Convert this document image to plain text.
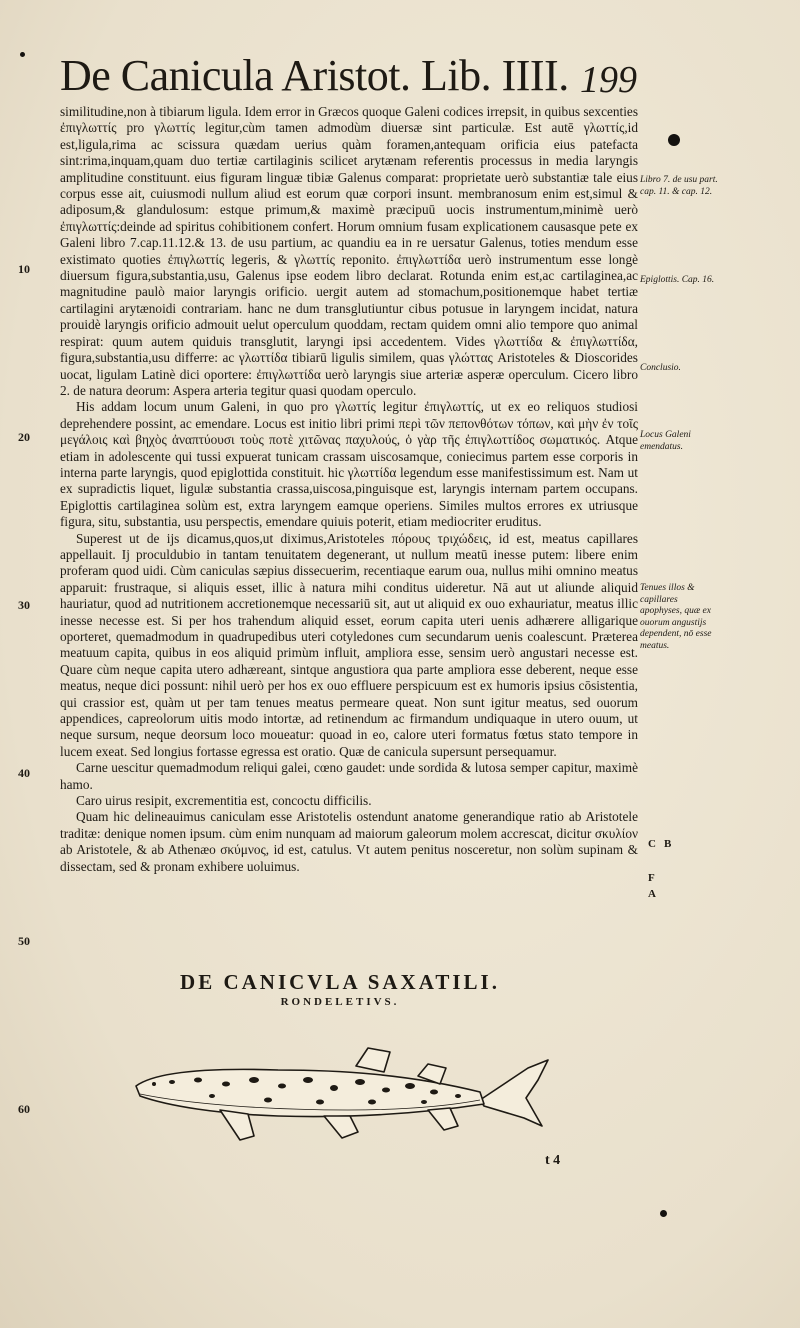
De Canicula Aristot. Lib. IIII. 199
10
20
30
40
50
60

similitudine,non à tibiarum ligula. Idem error in Græcos quoque Galeni codices irrepsit, in quibus sexcenties ἐπιγλωττίς pro γλωττίς legitur,cùm tamen admodùm diuersæ sint particulæ. Est autē γλωττίς,id est,ligula,rima ac scissura quædam uerius quàm foramen,antequam orificia eius patefacta sint:rima,inquam,quam duo tertiæ cartilaginis scilicet arytænam referentis processus in media laryngis amplitudine constituunt. eius figuram linguæ tibiæ Galenus comparat: proprietate uerò substantiæ tale eius corpus esse ait, cuiusmodi nullum aliud est eorum quæ corpori insunt. membranosum enim est,simul & adiposum,& glandulosum: estque primum,& maximè præcipuū uocis instrumentum,minimè uerò ἐπιγλωττίς:deinde ad spiritus cohibitionem confert. Horum omnium fusam explicationem causasque pete ex Galeni libro 7.cap.11.12.& 13. de usu partium, ac quandiu ea in re uersatur Galenus, toties mendum esse existimato quoties ἐπιγλωττίς legeris, & γλωττίς reponito. ἐπιγλωττίδα uerò instrumentum esse longè diuersum figura,substantia,usu, Galenus ipse eodem libro declarat. Rotunda enim est,ac cartilaginea,ac magnitudine paulò maior laryngis orificio. uergit autem ad stomachum,positionemque habet tertiæ cartilagini arytænoidi contrariam. hanc ne dum transglutiuntur cibus potusue in laryngem incidat, natura prouidè laryngis orificio admouit uelut operculum quoddam, rectam quidem omni alio tempore quo animal respirat: quum autem quiduis transglutit, laryngi ipsi accedentem. Vides γλωττίδα & ἐπιγλωττίδα, figura,substantia,usu differre: ac γλωττίδα tibiarū ligulis similem, quas γλώττας Aristoteles & Dioscorides uocat, ligulam Latinè dici oportere: ἐπιγλωττίδα uerò laryngis siue arteriæ asperæ operculum. Cicero libro 2. de natura deorum: Aspera arteria tegitur quasi quodam operculo.

His addam locum unum Galeni, in quo pro γλωττίς legitur ἐπιγλωττίς, ut ex eo reliquos studiosi deprehendere possint, ac emendare. Locus est initio libri primi περὶ τῶν πεπονθότων τόπων, καὶ μὴν ἐν τοῖς μεγάλοις καὶ βηχὸς ἀναπτύουσι τοὺς ποτὲ χιτῶνας παχυλούς, ὁ γὰρ τῆς ἐπιγλωττίδος σωματικός. Atque etiam in adolescente qui tussi expuerat tunicam crassam uiscosamque, coniecimus partem esse corporis in interna parte laryngis, quod epiglottida constituit. hic γλωττίδα legendum esse manifestissimum est. Nam ut ex supradictis liquet, ligulæ substantia crassa,uiscosa,pinguisque est, laryngis internam partem occupans. Epiglottis cartilaginea solùm est, extra laryngem eamque operiens. Similes multos errores ex utriusque figura, situ, substantia, usu perspectis, emendare quiuis poterit, etiam mediocriter eruditus.

Superest ut de ijs dicamus,quos,ut diximus,Aristoteles πόρους τριχώδεις, id est, meatus capillares appellauit. Ij proculdubio in tantam tenuitatem degenerant, ut nullum meatū inesse putem: libere enim proferam quod uidi. Cùm caniculas sæpius dissecuerim, recentiaque earum oua, nullus mihi omnino meatus apparuit: frustraque, si aliquis esset, illic à natura mihi conditus uideretur. Nā aut ut aliunde aliquid hauriatur, quod ad nutritionem accretionemque necessariū sit, aut ut aliquid ex ouo exhauriatur, meatus illic inesse necesse est. Si per hos trahendum aliquid esset, eorum capita uteri uenis adhærere alligarique oporteret, quemadmodum in quadrupedibus uteri cotyledones cum secundarum uenis coalescunt. Præterea meatuum capita, quibus in eos aliquid primùm influit, ampliora esse, sensim uerò angustari necesse est. Quare cùm neque capita utero adhæreant, sintque angustiora qua parte ampliora esse deberent, neque esse meatus, neque dici possunt: nihil uerò per hos ex ouo effluere perspicuum est ex humoris ipsius cōsistentia, qui crassior est, quàm ut per tam tenues meatus permeare queat. Non sunt igitur meatus, sed ouorum appendices, capreolorum uitis modo intortæ, ad retinendum ac firmandum undiquaque in utero ouum, ut neque sursum, neque deorsum loco moueatur: quoad in eo, calore uteri formatus fœtus stato tempore in lucem exeat. Sed longius fortasse egressa est oratio. Quæ de canicula supersunt persequamur.

Carne uescitur quemadmodum reliqui galei, cœno gaudet: unde sordida & lutosa semper capitur, maximè hamo.

Caro uirus resipit, excrementitia est, concoctu difficilis.

Quam hic delineauimus caniculam esse Aristotelis ostendunt anatome generandique ratio ab Aristotele traditæ: denique nomen ipsum. cùm enim nunquam ad maiorum galeorum molem accrescat, dicitur σκυλίον ab Aristotele, & ab Athenæo σκύμνος, id est, catulus. Vt autem penitus nosceretur, non solùm supinam & dissectam, sed & pronam exhibere uoluimus.

Libro 7. de usu part. cap. 11. & cap. 12.
Epiglottis. Cap. 16.
Conclusio.
Locus Galeni emendatus.
Tenues illos & capillares apophyses, quæ ex ouorum angustijs dependent, nō esse meatus.
C B
F
A
DE CANICVLA SAXATILI.
RONDELETIVS.
t 4
